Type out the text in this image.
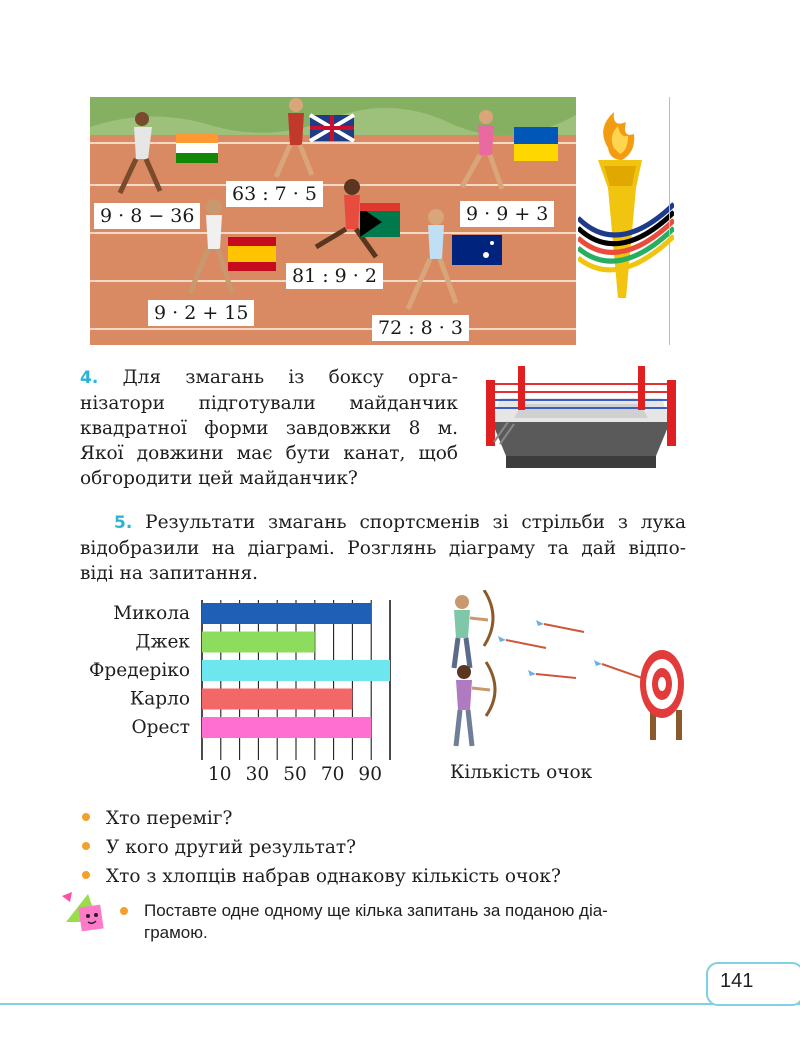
9 · 8 − 36
63 : 7 · 5
9 · 9 + 3
9 · 2 + 15
81 : 9 · 2
72 : 8 · 3
4. Для змагань із боксу орга-
нізатори підготували майданчик
квадратної форми завдовжки 8 м.
Якої довжини має бути канат, щоб
обгородити цей майданчик?
5. Результати змагань спортсменів зі стрільби з лука
відобразили на діаграмі. Розглянь діаграму та дай відпо-
віді на запитання.
Микола
Джек
Фредеріко
Карло
Орест
10 30 50 70 90	Кількість очок
Хто переміг?
У кого другий результат?
Хто з хлопців набрав однакову кількість очок?
Поставте одне одному ще кілька запитань за поданою діа-
грамою.
141
